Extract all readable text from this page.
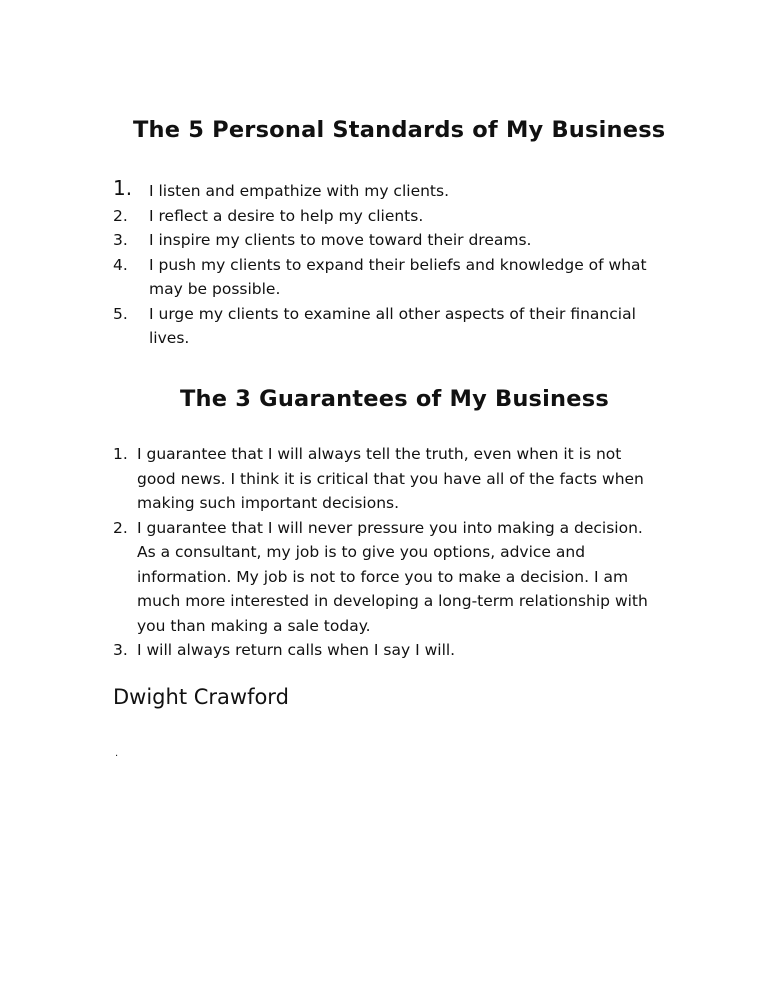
The 5 Personal Standards of My Business
1. I listen and empathize with my clients.
2. I reflect a desire to help my clients.
3. I inspire my clients to move toward their dreams.
4. I push my clients to expand their beliefs and knowledge of what may be possible.
5. I urge my clients to examine all other aspects of their financial lives.
The 3 Guarantees of My Business
1. I guarantee that I will always tell the truth, even when it is not good news. I think it is critical that you have all of the facts when making such important decisions.
2. I guarantee that I will never pressure you into making a decision. As a consultant, my job is to give you options, advice and information. My job is not to force you to make a decision. I am much more interested in developing a long-term relationship with you than making a sale today.
3. I will always return calls when I say I will.

Dwight Crawford

.
